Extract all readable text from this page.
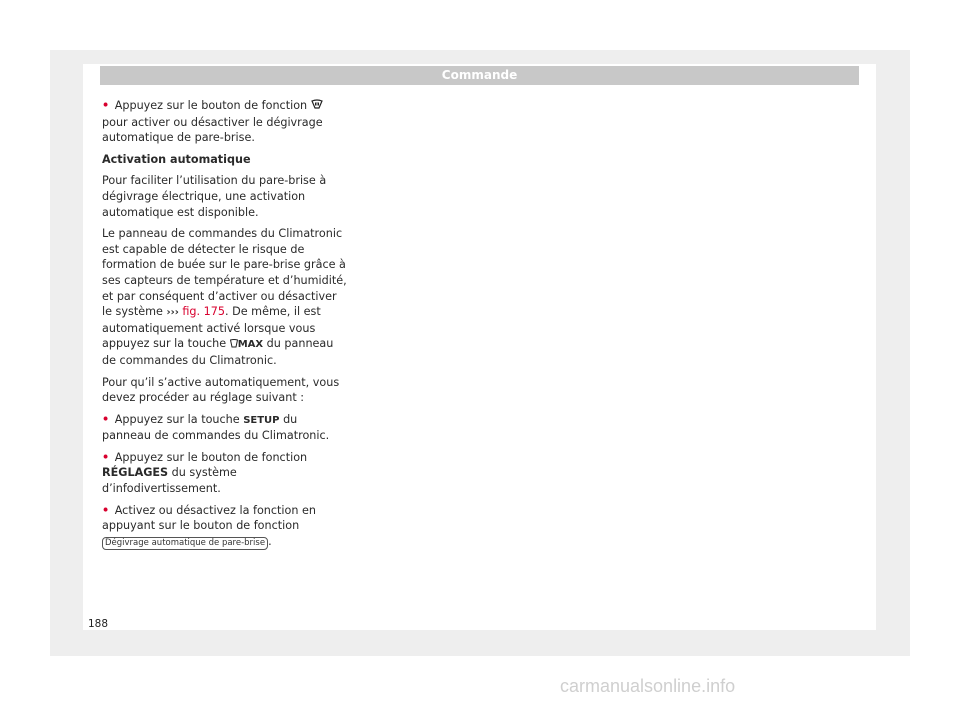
Commande

• Appuyez sur le bouton de fonction  pour activer ou désactiver le dégivrage automatique de pare-brise.

Activation automatique

Pour faciliter l’utilisation du pare-brise à dégivrage électrique, une activation automatique est disponible.

Le panneau de commandes du Climatronic est capable de détecter le risque de formation de buée sur le pare-brise grâce à ses capteurs de température et d’humidité, et par conséquent d’activer ou désactiver le système ››› fig. 175. De même, il est automatiquement activé lorsque vous appuyez sur la touche MAX du panneau de commandes du Climatronic.

Pour qu’il s’active automatiquement, vous devez procéder au réglage suivant :

• Appuyez sur la touche SETUP du panneau de commandes du Climatronic.

• Appuyez sur le bouton de fonction RÉGLAGES du système d’infodivertissement.

• Activez ou désactivez la fonction en appuyant sur le bouton de fonction Dégivrage automatique de pare-brise .

188
carmanualsonline.info
